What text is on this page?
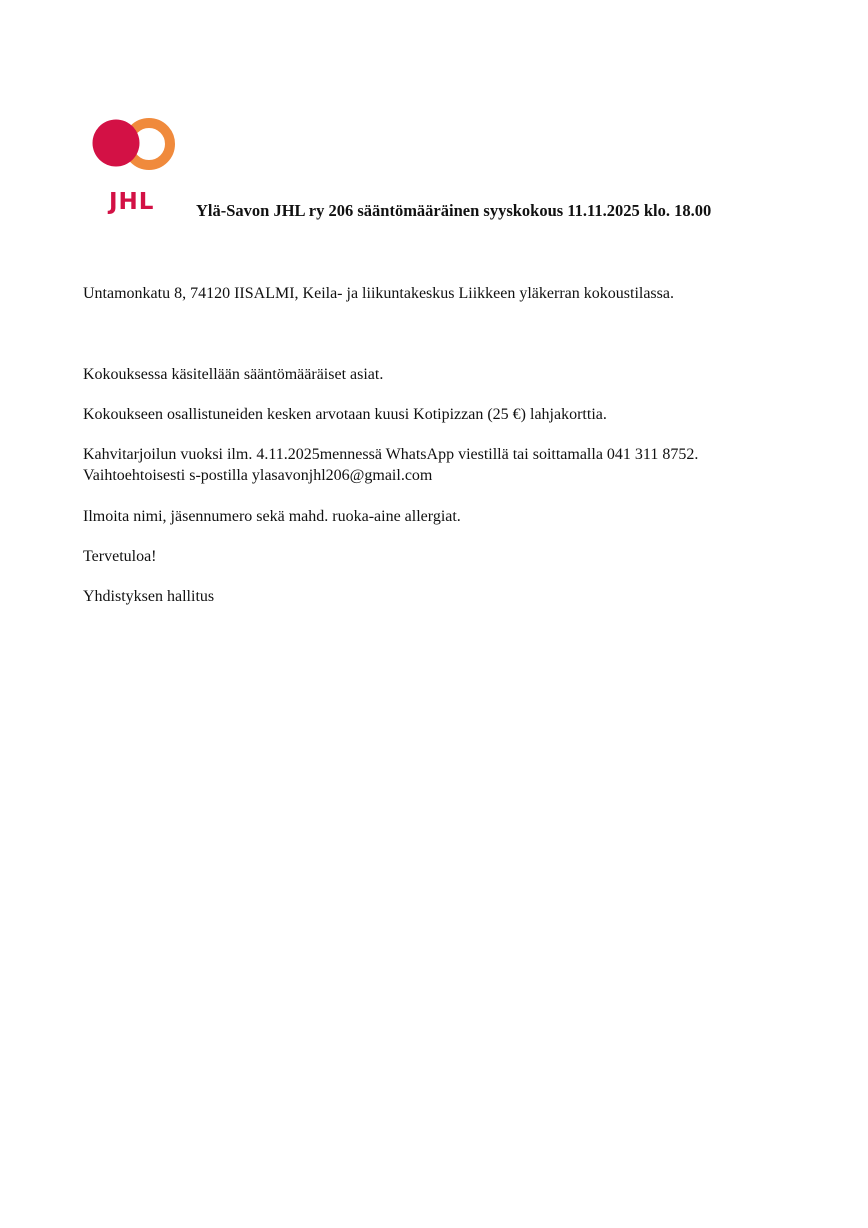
JHL	Ylä-Savon JHL ry 206 sääntömääräinen syyskokous 11.11.2025 klo. 18.00

Untamonkatu 8, 74120 IISALMI, Keila- ja liikuntakeskus Liikkeen yläkerran kokoustilassa.

Kokouksessa käsitellään sääntömääräiset asiat.

Kokoukseen osallistuneiden kesken arvotaan kuusi Kotipizzan (25 €) lahjakorttia.

Kahvitarjoilun vuoksi ilm. 4.11.2025mennessä WhatsApp viestillä tai soittamalla 041 311 8752.

Vaihtoehtoisesti s-postilla ylasavonjhl206@gmail.com

Ilmoita nimi, jäsennumero sekä mahd. ruoka-aine allergiat.

Tervetuloa!

Yhdistyksen hallitus
